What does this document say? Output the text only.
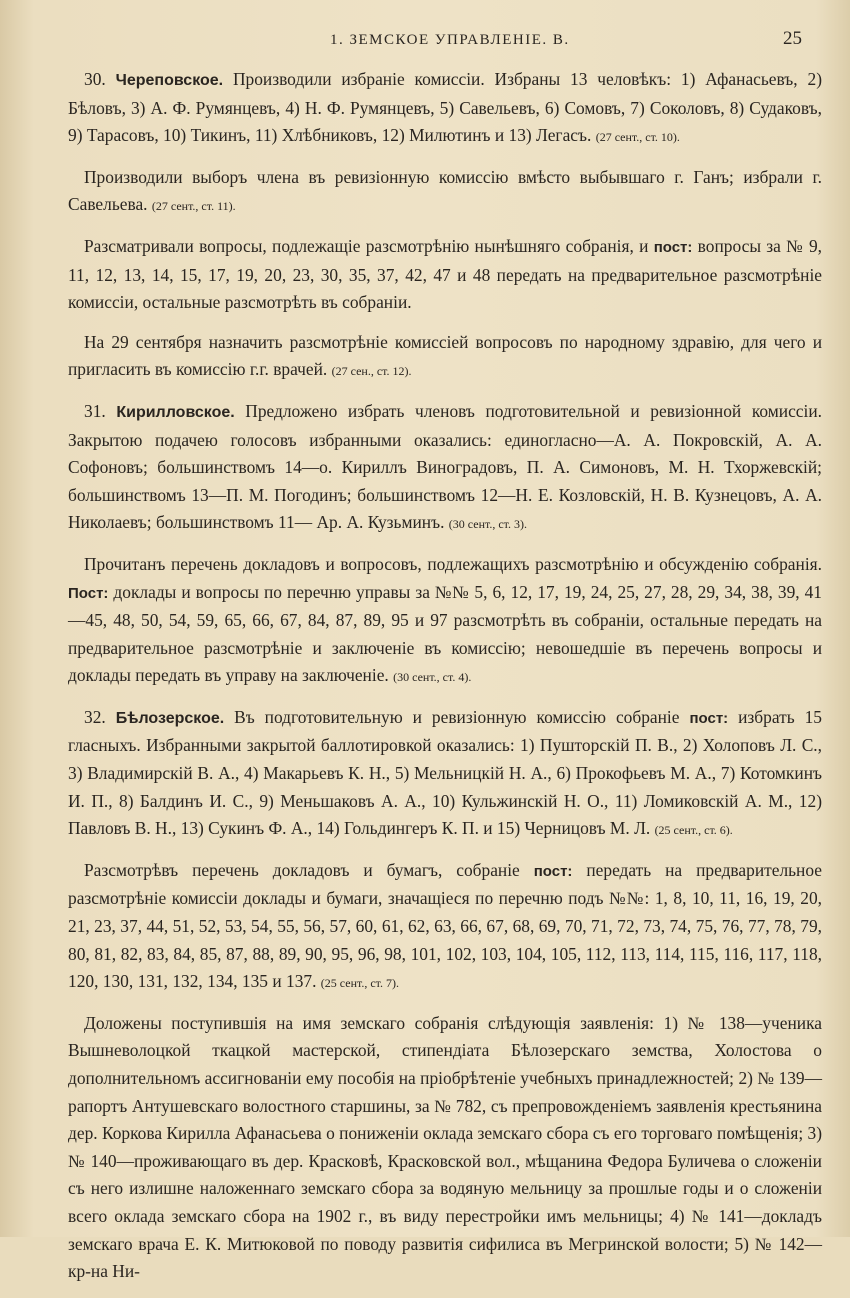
1. ЗЕМСКОЕ УПРАВЛЕНІЕ. В.	25

30. Череповское. Производили избраніе комиссіи. Избраны 13 человѣкъ: 1) Афанасьевъ, 2) Бѣловъ, 3) А. Ф. Румянцевъ, 4) Н. Ф. Румянцевъ, 5) Савельевъ, 6) Сомовъ, 7) Соколовъ, 8) Судаковъ, 9) Тарасовъ, 10) Тикинъ, 11) Хлѣбниковъ, 12) Милютинъ и 13) Легасъ. (27 сент., ст. 10).

Производили выборъ члена въ ревизіонную комиссію вмѣсто выбывшаго г. Ганъ; избрали г. Савельева. (27 сент., ст. 11).

Разсматривали вопросы, подлежащіе разсмотрѣнію нынѣшняго собранія, и пост: вопросы за № 9, 11, 12, 13, 14, 15, 17, 19, 20, 23, 30, 35, 37, 42, 47 и 48 передать на предварительное разсмотрѣніе комиссіи, остальные разсмотрѣть въ собраніи.

На 29 сентября назначить разсмотрѣніе комиссіей вопросовъ по народному здравію, для чего и пригласить въ комиссію г.г. врачей. (27 сен., ст. 12).

31. Кирилловское. Предложено избрать членовъ подготовительной и ревизіонной комиссіи. Закрытою подачею голосовъ избранными оказались: единогласно—А. А. Покровскій, А. А. Софоновъ; большинствомъ 14—о. Кириллъ Виноградовъ, П. А. Симоновъ, М. Н. Тхоржевскій; большинствомъ 13—П. М. Погодинъ; большинствомъ 12—Н. Е. Козловскій, Н. В. Кузнецовъ, А. А. Николаевъ; большинствомъ 11— Ар. А. Кузьминъ. (30 сент., ст. 3).

Прочитанъ перечень докладовъ и вопросовъ, подлежащихъ разсмотрѣнію и обсужденію собранія. Пост: доклады и вопросы по перечню управы за №№ 5, 6, 12, 17, 19, 24, 25, 27, 28, 29, 34, 38, 39, 41—45, 48, 50, 54, 59, 65, 66, 67, 84, 87, 89, 95 и 97 разсмотрѣть въ собраніи, остальные передать на предварительное разсмотрѣніе и заключеніе въ комиссію; невошедшіе въ перечень вопросы и доклады передать въ управу на заключеніе. (30 сент., ст. 4).

32. Бѣлозерское. Въ подготовительную и ревизіонную комиссію собраніе пост: избрать 15 гласныхъ. Избранными закрытой баллотировкой оказались: 1) Пушторскій П. В., 2) Холоповъ Л. С., 3) Владимирскій В. А., 4) Макарьевъ К. Н., 5) Мельницкій Н. А., 6) Прокофьевъ М. А., 7) Котомкинъ И. П., 8) Балдинъ И. С., 9) Меньшаковъ А. А., 10) Кульжинскій Н. О., 11) Ломиковскій А. М., 12) Павловъ В. Н., 13) Сукинъ Ф. А., 14) Гольдингеръ К. П. и 15) Черницовъ М. Л. (25 сент., ст. 6).

Разсмотрѣвъ перечень докладовъ и бумагъ, собраніе пост: передать на предварительное разсмотрѣніе комиссіи доклады и бумаги, значащіеся по перечню подъ №№: 1, 8, 10, 11, 16, 19, 20, 21, 23, 37, 44, 51, 52, 53, 54, 55, 56, 57, 60, 61, 62, 63, 66, 67, 68, 69, 70, 71, 72, 73, 74, 75, 76, 77, 78, 79, 80, 81, 82, 83, 84, 85, 87, 88, 89, 90, 95, 96, 98, 101, 102, 103, 104, 105, 112, 113, 114, 115, 116, 117, 118, 120, 130, 131, 132, 134, 135 и 137. (25 сент., ст. 7).

Доложены поступившія на имя земскаго собранія слѣдующія заявленія: 1) № 138—ученика Вышневолоцкой ткацкой мастерской, стипендіата Бѣлозерскаго земства, Холостова о дополнительномъ ассигнованіи ему пособія на пріобрѣтеніе учебныхъ принадлежностей; 2) № 139—рапортъ Антушевскаго волостного старшины, за № 782, съ препровожденіемъ заявленія крестьянина дер. Коркова Кирилла Афанасьева о пониженіи оклада земскаго сбора съ его торговаго помѣщенія; 3) № 140—проживающаго въ дер. Красковѣ, Красковской вол., мѣщанина Федора Буличева о сложеніи съ него излишне наложеннаго земскаго сбора за водяную мельницу за прошлые годы и о сложеніи всего оклада земскаго сбора на 1902 г., въ виду перестройки имъ мельницы; 4) № 141—докладъ земскаго врача Е. К. Митюковой по поводу развитія сифилиса въ Мегринской волости; 5) № 142—кр-на Ни-
